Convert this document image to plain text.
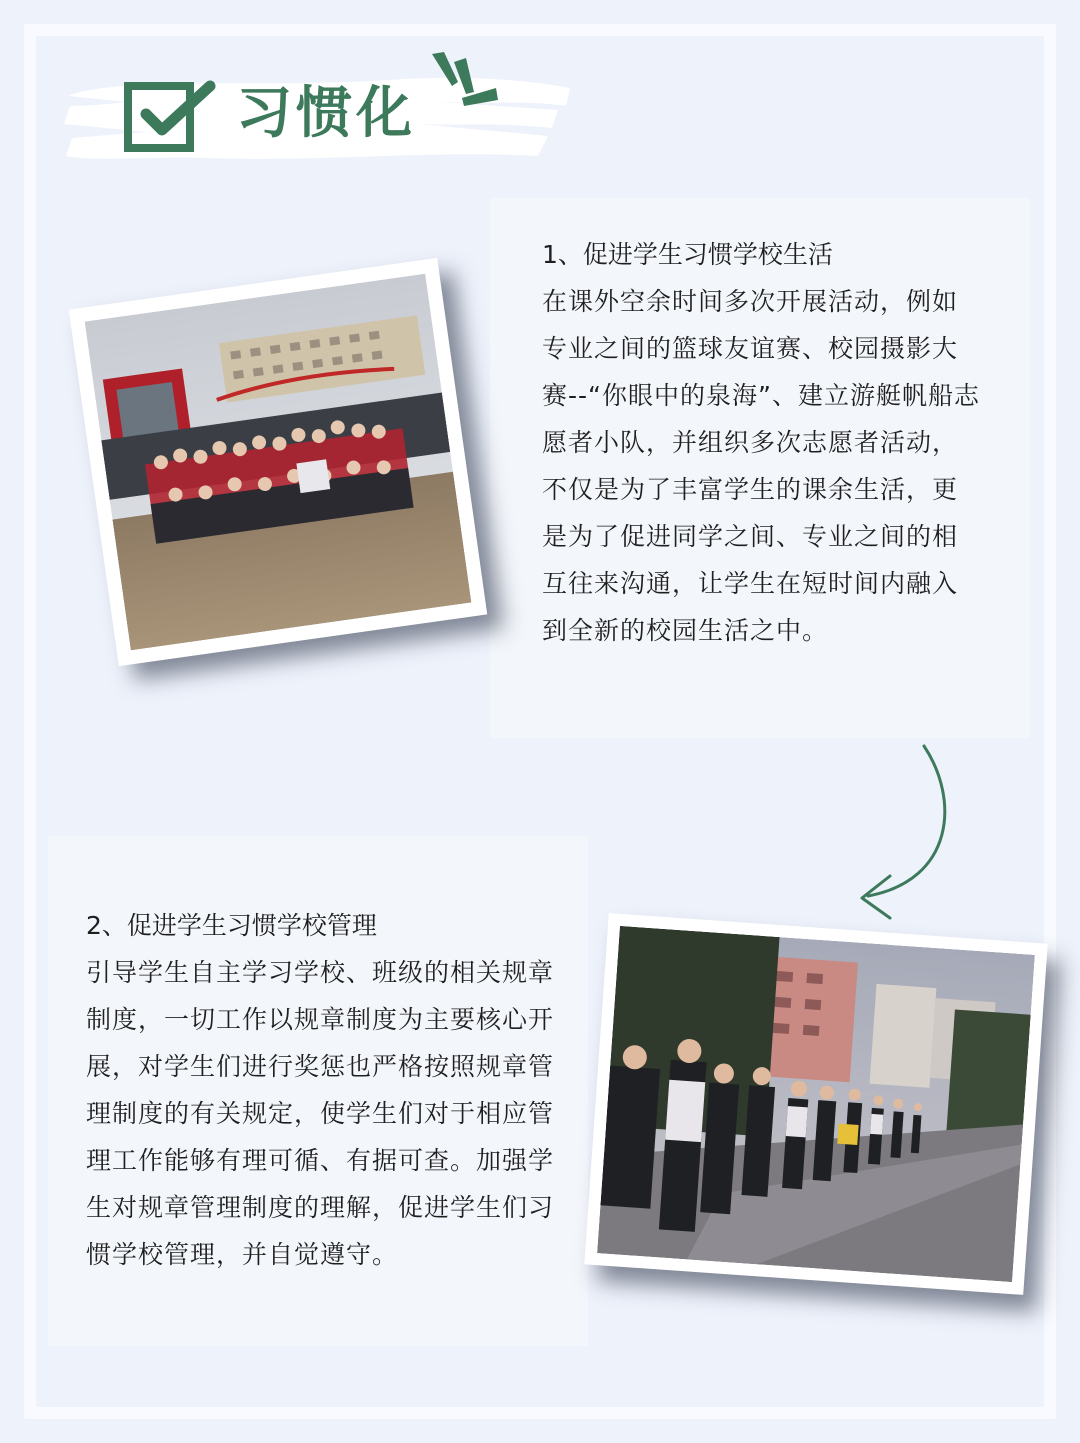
习惯化

1、促进学生习惯学校生活

在课外空余时间多次开展活动，例如专业之间的篮球友谊赛、校园摄影大赛--“你眼中的泉海”、建立游艇帆船志愿者小队，并组织多次志愿者活动，不仅是为了丰富学生的课余生活，更是为了促进同学之间、专业之间的相互往来沟通，让学生在短时间内融入到全新的校园生活之中。

2、促进学生习惯学校管理

引导学生自主学习学校、班级的相关规章制度，一切工作以规章制度为主要核心开展，对学生们进行奖惩也严格按照规章管理制度的有关规定，使学生们对于相应管理工作能够有理可循、有据可查。加强学生对规章管理制度的理解，促进学生们习惯学校管理，并自觉遵守。
